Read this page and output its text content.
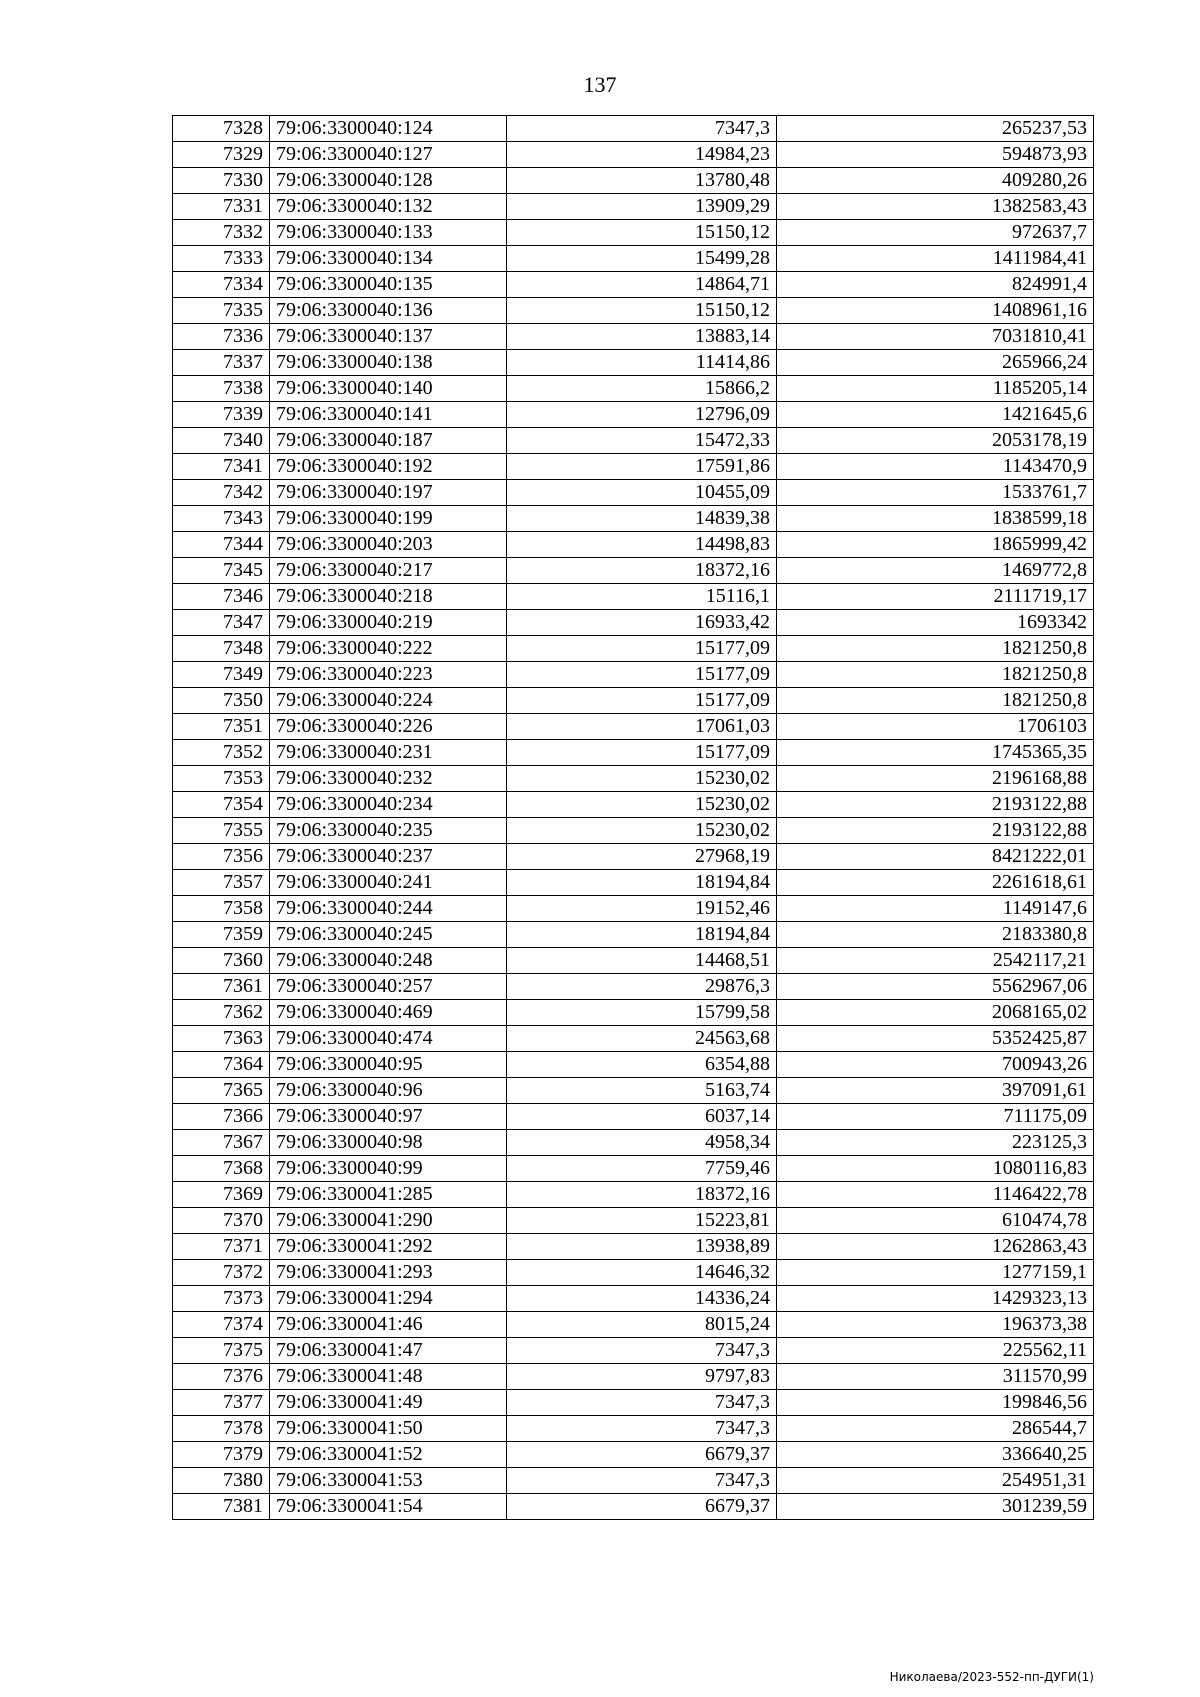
137
7328	79:06:3300040:124	7347,3	265237,53
7329	79:06:3300040:127	14984,23	594873,93
7330	79:06:3300040:128	13780,48	409280,26
7331	79:06:3300040:132	13909,29	1382583,43
7332	79:06:3300040:133	15150,12	972637,7
7333	79:06:3300040:134	15499,28	1411984,41
7334	79:06:3300040:135	14864,71	824991,4
7335	79:06:3300040:136	15150,12	1408961,16
7336	79:06:3300040:137	13883,14	7031810,41
7337	79:06:3300040:138	11414,86	265966,24
7338	79:06:3300040:140	15866,2	1185205,14
7339	79:06:3300040:141	12796,09	1421645,6
7340	79:06:3300040:187	15472,33	2053178,19
7341	79:06:3300040:192	17591,86	1143470,9
7342	79:06:3300040:197	10455,09	1533761,7
7343	79:06:3300040:199	14839,38	1838599,18
7344	79:06:3300040:203	14498,83	1865999,42
7345	79:06:3300040:217	18372,16	1469772,8
7346	79:06:3300040:218	15116,1	2111719,17
7347	79:06:3300040:219	16933,42	1693342
7348	79:06:3300040:222	15177,09	1821250,8
7349	79:06:3300040:223	15177,09	1821250,8
7350	79:06:3300040:224	15177,09	1821250,8
7351	79:06:3300040:226	17061,03	1706103
7352	79:06:3300040:231	15177,09	1745365,35
7353	79:06:3300040:232	15230,02	2196168,88
7354	79:06:3300040:234	15230,02	2193122,88
7355	79:06:3300040:235	15230,02	2193122,88
7356	79:06:3300040:237	27968,19	8421222,01
7357	79:06:3300040:241	18194,84	2261618,61
7358	79:06:3300040:244	19152,46	1149147,6
7359	79:06:3300040:245	18194,84	2183380,8
7360	79:06:3300040:248	14468,51	2542117,21
7361	79:06:3300040:257	29876,3	5562967,06
7362	79:06:3300040:469	15799,58	2068165,02
7363	79:06:3300040:474	24563,68	5352425,87
7364	79:06:3300040:95	6354,88	700943,26
7365	79:06:3300040:96	5163,74	397091,61
7366	79:06:3300040:97	6037,14	711175,09
7367	79:06:3300040:98	4958,34	223125,3
7368	79:06:3300040:99	7759,46	1080116,83
7369	79:06:3300041:285	18372,16	1146422,78
7370	79:06:3300041:290	15223,81	610474,78
7371	79:06:3300041:292	13938,89	1262863,43
7372	79:06:3300041:293	14646,32	1277159,1
7373	79:06:3300041:294	14336,24	1429323,13
7374	79:06:3300041:46	8015,24	196373,38
7375	79:06:3300041:47	7347,3	225562,11
7376	79:06:3300041:48	9797,83	311570,99
7377	79:06:3300041:49	7347,3	199846,56
7378	79:06:3300041:50	7347,3	286544,7
7379	79:06:3300041:52	6679,37	336640,25
7380	79:06:3300041:53	7347,3	254951,31
7381	79:06:3300041:54	6679,37	301239,59
Николаева/2023-552-пп-ДУГИ(1)
